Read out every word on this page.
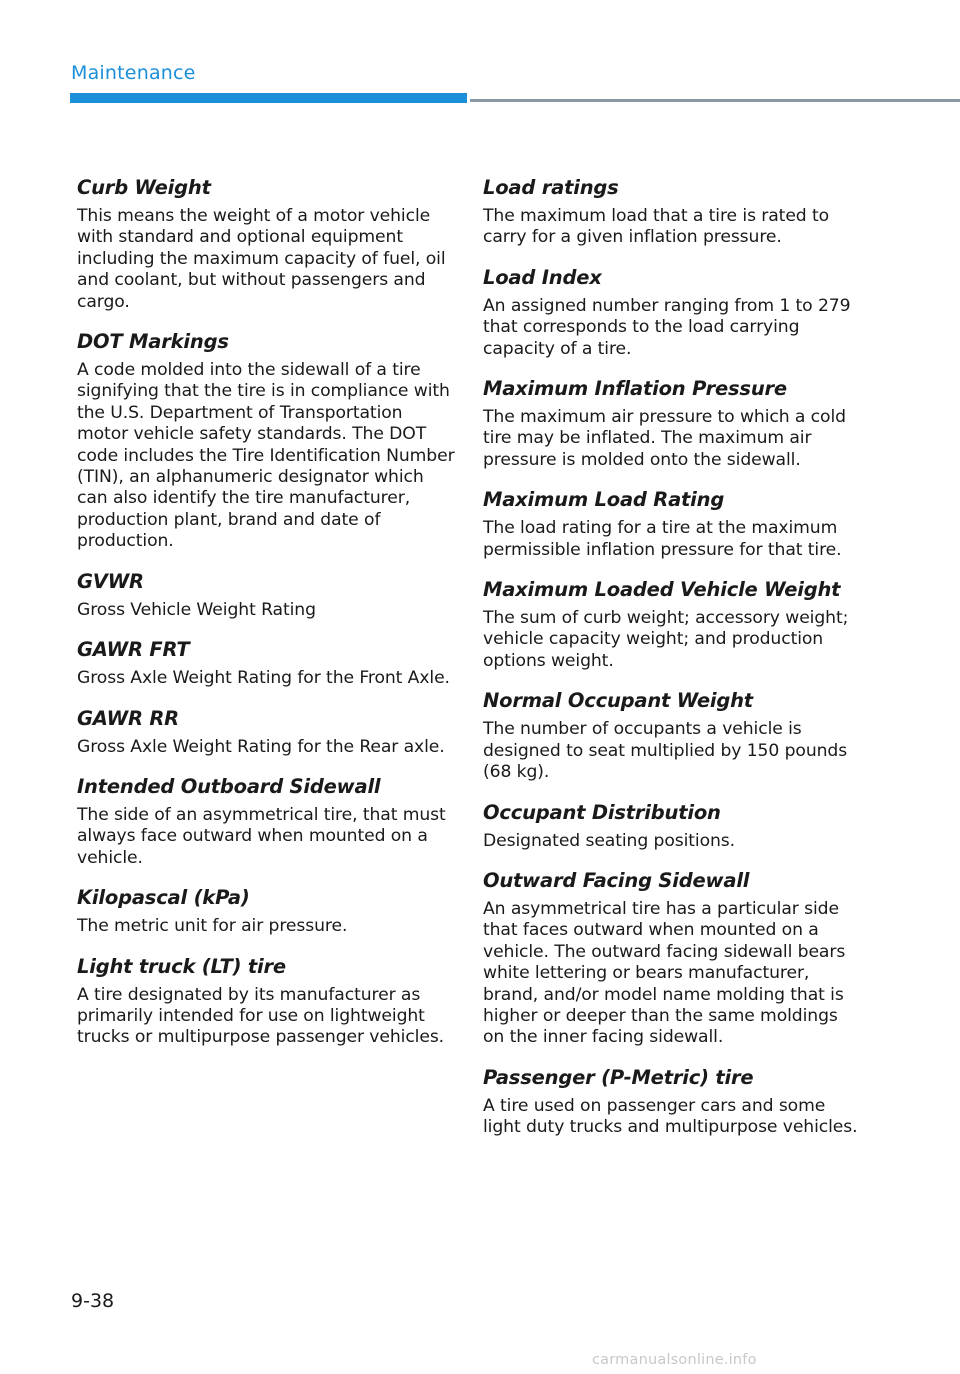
Maintenance
Curb Weight
This means the weight of a motor vehicle with standard and optional equipment including the maximum capacity of fuel, oil and coolant, but without passengers and cargo.
DOT Markings
A code molded into the sidewall of a tire signifying that the tire is in compliance with the U.S. Department of Transportation motor vehicle safety standards. The DOT code includes the Tire Identification Number (TIN), an alphanumeric designator which can also identify the tire manufacturer, production plant, brand and date of production.
GVWR
Gross Vehicle Weight Rating
GAWR FRT
Gross Axle Weight Rating for the Front Axle.
GAWR RR
Gross Axle Weight Rating for the Rear axle.
Intended Outboard Sidewall
The side of an asymmetrical tire, that must always face outward when mounted on a vehicle.
Kilopascal (kPa)
The metric unit for air pressure.
Light truck (LT) tire
A tire designated by its manufacturer as primarily intended for use on lightweight trucks or multipurpose passenger vehicles.
Load ratings
The maximum load that a tire is rated to carry for a given inflation pressure.
Load Index
An assigned number ranging from 1 to 279 that corresponds to the load carrying capacity of a tire.
Maximum Inflation Pressure
The maximum air pressure to which a cold tire may be inflated. The maximum air pressure is molded onto the sidewall.
Maximum Load Rating
The load rating for a tire at the maximum permissible inflation pressure for that tire.
Maximum Loaded Vehicle Weight
The sum of curb weight; accessory weight; vehicle capacity weight; and production options weight.
Normal Occupant Weight
The number of occupants a vehicle is designed to seat multiplied by 150 pounds (68 kg).
Occupant Distribution
Designated seating positions.
Outward Facing Sidewall
An asymmetrical tire has a particular side that faces outward when mounted on a vehicle. The outward facing sidewall bears white lettering or bears manufacturer, brand, and/or model name molding that is higher or deeper than the same moldings on the inner facing sidewall.
Passenger (P-Metric) tire
A tire used on passenger cars and some light duty trucks and multipurpose vehicles.
9-38
carmanualsonline.info
